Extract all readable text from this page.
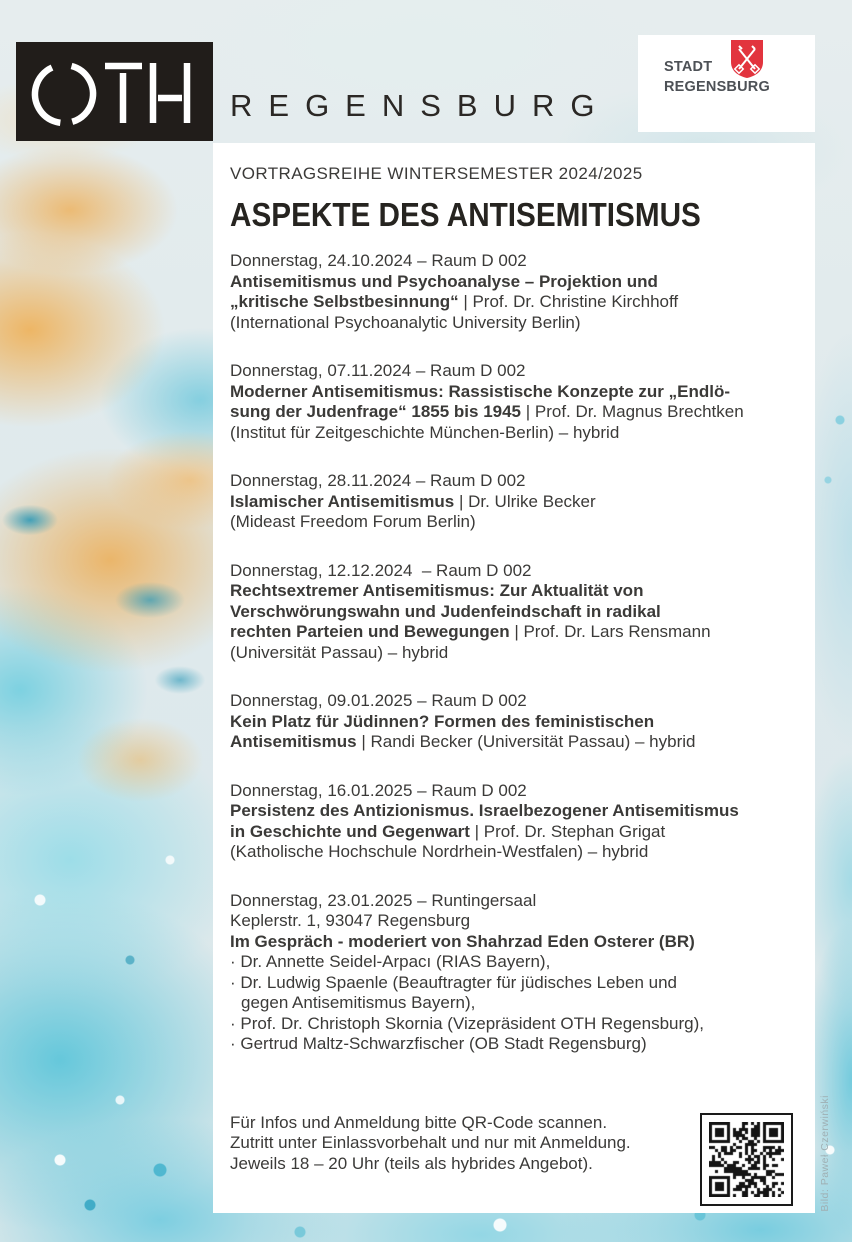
REGENSBURG
STADT
REGENSBURG
VORTRAGSREIHE WINTERSEMESTER 2024/2025
ASPEKTE DES ANTISEMITISMUS
Donnerstag, 24.10.2024 – Raum D 002
Antisemitismus und Psychoanalyse – Projektion und
„kritische Selbstbesinnung“ | Prof. Dr. Christine Kirchhoff
(International Psychoanalytic University Berlin)
Donnerstag, 07.11.2024 – Raum D 002
Moderner Antisemitismus: Rassistische Konzepte zur „Endlö-
sung der Judenfrage“ 1855 bis 1945 | Prof. Dr. Magnus Brechtken
(Institut für Zeitgeschichte München-Berlin) – hybrid
Donnerstag, 28.11.2024 – Raum D 002
Islamischer Antisemitismus | Dr. Ulrike Becker
(Mideast Freedom Forum Berlin)
Donnerstag, 12.12.2024  – Raum D 002
Rechtsextremer Antisemitismus: Zur Aktualität von
Verschwörungswahn und Judenfeindschaft in radikal
rechten Parteien und Bewegungen | Prof. Dr. Lars Rensmann
(Universität Passau) – hybrid
Donnerstag, 09.01.2025 – Raum D 002
Kein Platz für Jüdinnen? Formen des feministischen
Antisemitismus | Randi Becker (Universität Passau) – hybrid
Donnerstag, 16.01.2025 – Raum D 002
Persistenz des Antizionismus. Israelbezogener Antisemitismus
in Geschichte und Gegenwart | Prof. Dr. Stephan Grigat
(Katholische Hochschule Nordrhein-Westfalen) – hybrid
Donnerstag, 23.01.2025 – Runtingersaal
Keplerstr. 1, 93047 Regensburg
Im Gespräch - moderiert von Shahrzad Eden Osterer (BR)
· Dr. Annette Seidel-Arpacı (RIAS Bayern),
· Dr. Ludwig Spaenle (Beauftragter für jüdisches Leben und
gegen Antisemitismus Bayern),
· Prof. Dr. Christoph Skornia (Vizepräsident OTH Regensburg),
· Gertrud Maltz-Schwarzfischer (OB Stadt Regensburg)
Für Infos und Anmeldung bitte QR-Code scannen.
Zutritt unter Einlassvorbehalt und nur mit Anmeldung.
Jeweils 18 – 20 Uhr (teils als hybrides Angebot).	Bild: Paweł Czerwiński
